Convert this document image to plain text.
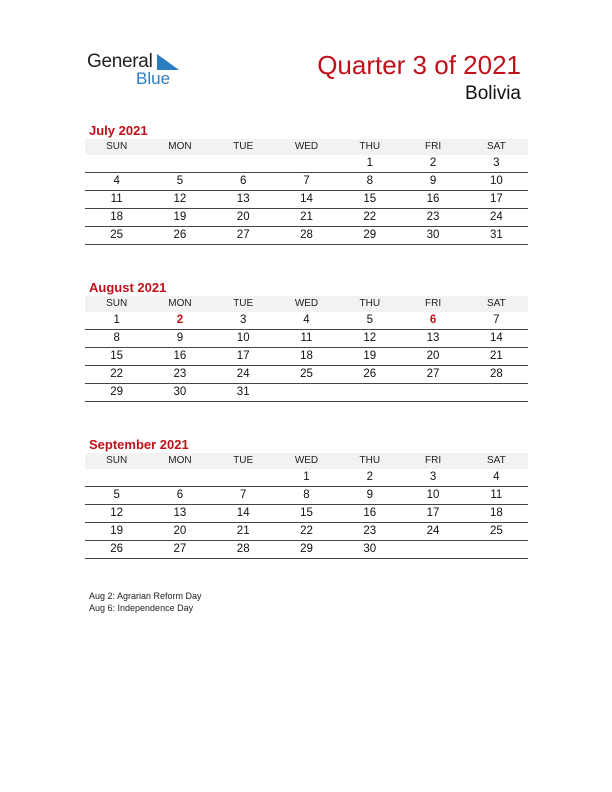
General
Blue	Quarter 3 of 2021
Bolivia
July 2021
SUN	MON	TUE	WED	THU	FRI	SAT
				1	2	3
4	5	6	7	8	9	10
11	12	13	14	15	16	17
18	19	20	21	22	23	24
25	26	27	28	29	30	31
August 2021
SUN	MON	TUE	WED	THU	FRI	SAT
1	2	3	4	5	6	7
8	9	10	11	12	13	14
15	16	17	18	19	20	21
22	23	24	25	26	27	28
29	30	31				
September 2021
SUN	MON	TUE	WED	THU	FRI	SAT
			1	2	3	4
5	6	7	8	9	10	11
12	13	14	15	16	17	18
19	20	21	22	23	24	25
26	27	28	29	30		
Aug 2: Agrarian Reform Day
Aug 6: Independence Day
